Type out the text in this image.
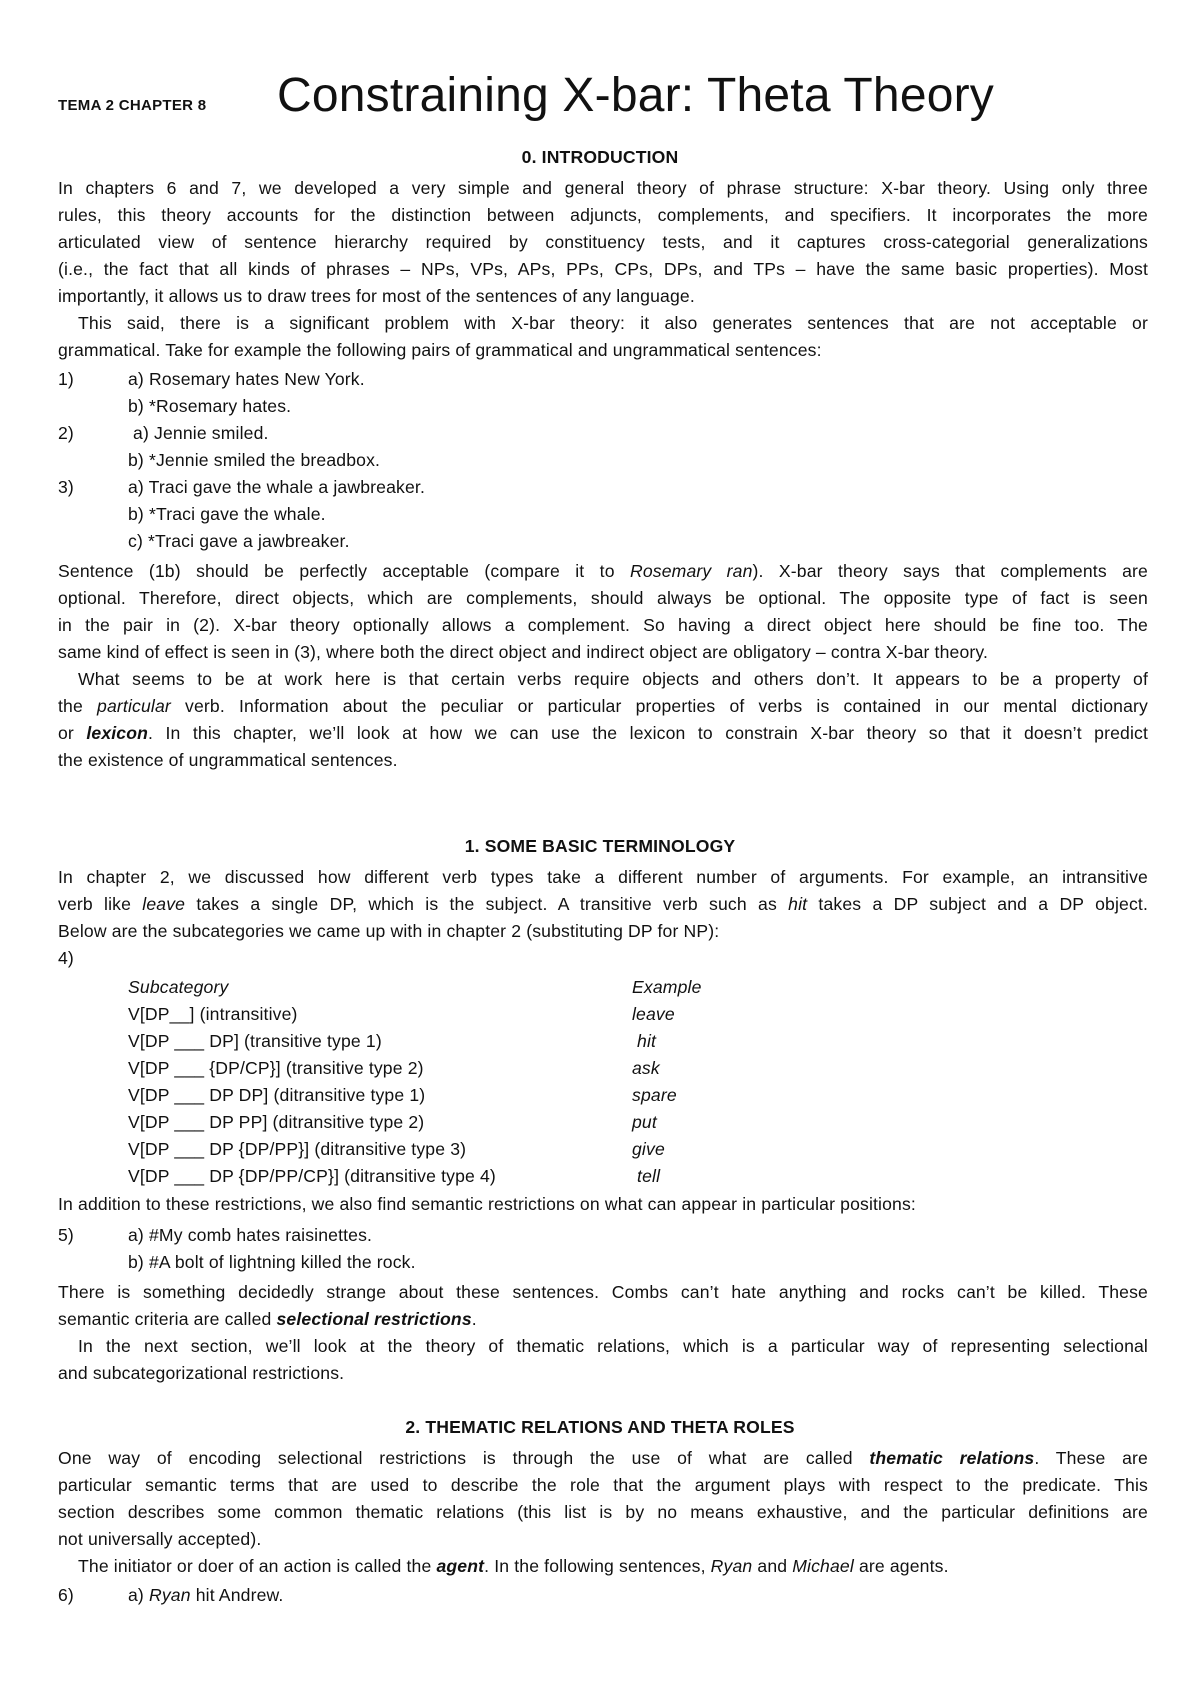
TEMA 2 CHAPTER 8 Constraining X-bar: Theta Theory
0. INTRODUCTION
In chapters 6 and 7, we developed a very simple and general theory of phrase structure: X-bar theory. Using only three
rules, this theory accounts for the distinction between adjuncts, complements, and specifiers. It incorporates the more
articulated view of sentence hierarchy required by constituency tests, and it captures cross-categorial generalizations
(i.e., the fact that all kinds of phrases – NPs, VPs, APs, PPs, CPs, DPs, and TPs – have the same basic properties). Most
importantly, it allows us to draw trees for most of the sentences of any language.
This said, there is a significant problem with X-bar theory: it also generates sentences that are not acceptable or
grammatical. Take for example the following pairs of grammatical and ungrammatical sentences:
1)	a) Rosemary hates New York.
b) *Rosemary hates.
2)	a) Jennie smiled.
b) *Jennie smiled the breadbox.
3)	a) Traci gave the whale a jawbreaker.
b) *Traci gave the whale.
c) *Traci gave a jawbreaker.
Sentence (1b) should be perfectly acceptable (compare it to Rosemary ran). X-bar theory says that complements are
optional. Therefore, direct objects, which are complements, should always be optional. The opposite type of fact is seen
in the pair in (2). X-bar theory optionally allows a complement. So having a direct object here should be fine too. The
same kind of effect is seen in (3), where both the direct object and indirect object are obligatory – contra X-bar theory.
What seems to be at work here is that certain verbs require objects and others don’t. It appears to be a property of
the particular verb. Information about the peculiar or particular properties of verbs is contained in our mental dictionary
or lexicon. In this chapter, we’ll look at how we can use the lexicon to constrain X-bar theory so that it doesn’t predict
the existence of ungrammatical sentences.
1. SOME BASIC TERMINOLOGY
In chapter 2, we discussed how different verb types take a different number of arguments. For example, an intransitive
verb like leave takes a single DP, which is the subject. A transitive verb such as hit takes a DP subject and a DP object.
Below are the subcategories we came up with in chapter 2 (substituting DP for NP):
4)
Subcategory	Example
V[DP__] (intransitive)	leave
V[DP ___ DP] (transitive type 1)	hit
V[DP ___ {DP/CP}] (transitive type 2)	ask
V[DP ___ DP DP] (ditransitive type 1)	spare
V[DP ___ DP PP] (ditransitive type 2)	put
V[DP ___ DP {DP/PP}] (ditransitive type 3)	give
V[DP ___ DP {DP/PP/CP}] (ditransitive type 4)	tell
In addition to these restrictions, we also find semantic restrictions on what can appear in particular positions:
5)	a) #My comb hates raisinettes.
b) #A bolt of lightning killed the rock.
There is something decidedly strange about these sentences. Combs can’t hate anything and rocks can’t be killed. These
semantic criteria are called selectional restrictions.
In the next section, we’ll look at the theory of thematic relations, which is a particular way of representing selectional
and subcategorizational restrictions.
2. THEMATIC RELATIONS AND THETA ROLES
One way of encoding selectional restrictions is through the use of what are called thematic relations. These are
particular semantic terms that are used to describe the role that the argument plays with respect to the predicate. This
section describes some common thematic relations (this list is by no means exhaustive, and the particular definitions are
not universally accepted).
The initiator or doer of an action is called the agent. In the following sentences, Ryan and Michael are agents.
6)	a) Ryan hit Andrew.
